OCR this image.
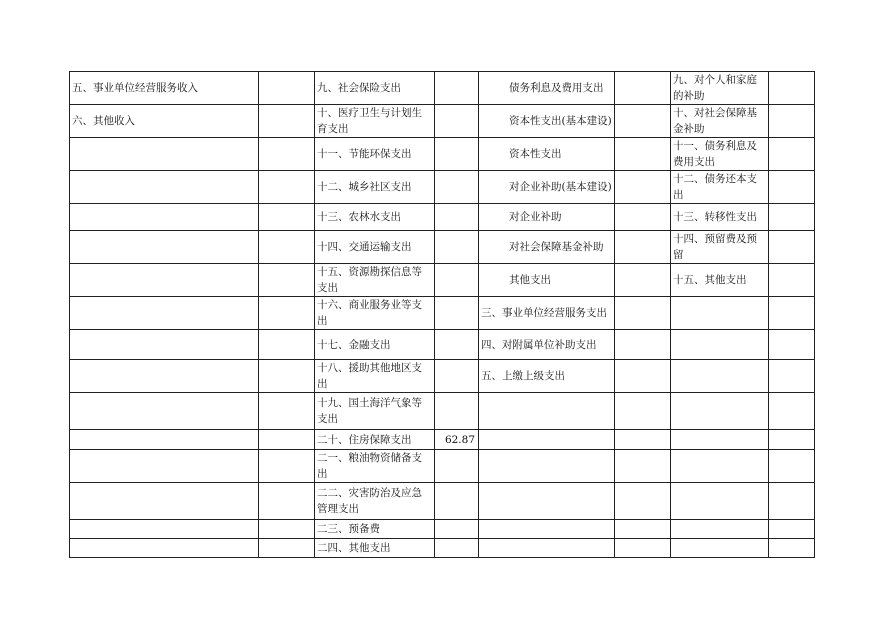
五、事业单位经营服务收入		九、社会保险支出		债务利息及费用支出		九、对个人和家庭的补助	
六、其他收入		十、医疗卫生与计划生育支出		资本性支出(基本建设)		十、对社会保障基金补助	
		十一、节能环保支出		资本性支出		十一、债务利息及费用支出	
		十二、城乡社区支出		对企业补助(基本建设)		十二、债务还本支出	
		十三、农林水支出		对企业补助		十三、转移性支出	
		十四、交通运输支出		对社会保障基金补助		十四、预留费及预留	
		十五、资源勘探信息等支出		其他支出		十五、其他支出	
		十六、商业服务业等支出		三、事业单位经营服务支出			
		十七、金融支出		四、对附属单位补助支出			
		十八、援助其他地区支出		五、上缴上级支出			
		十九、国土海洋气象等支出					
		二十、住房保障支出	62.87				
		二一、粮油物资储备支出					
		二二、灾害防治及应急管理支出					
		二三、预备费					
		二四、其他支出					
